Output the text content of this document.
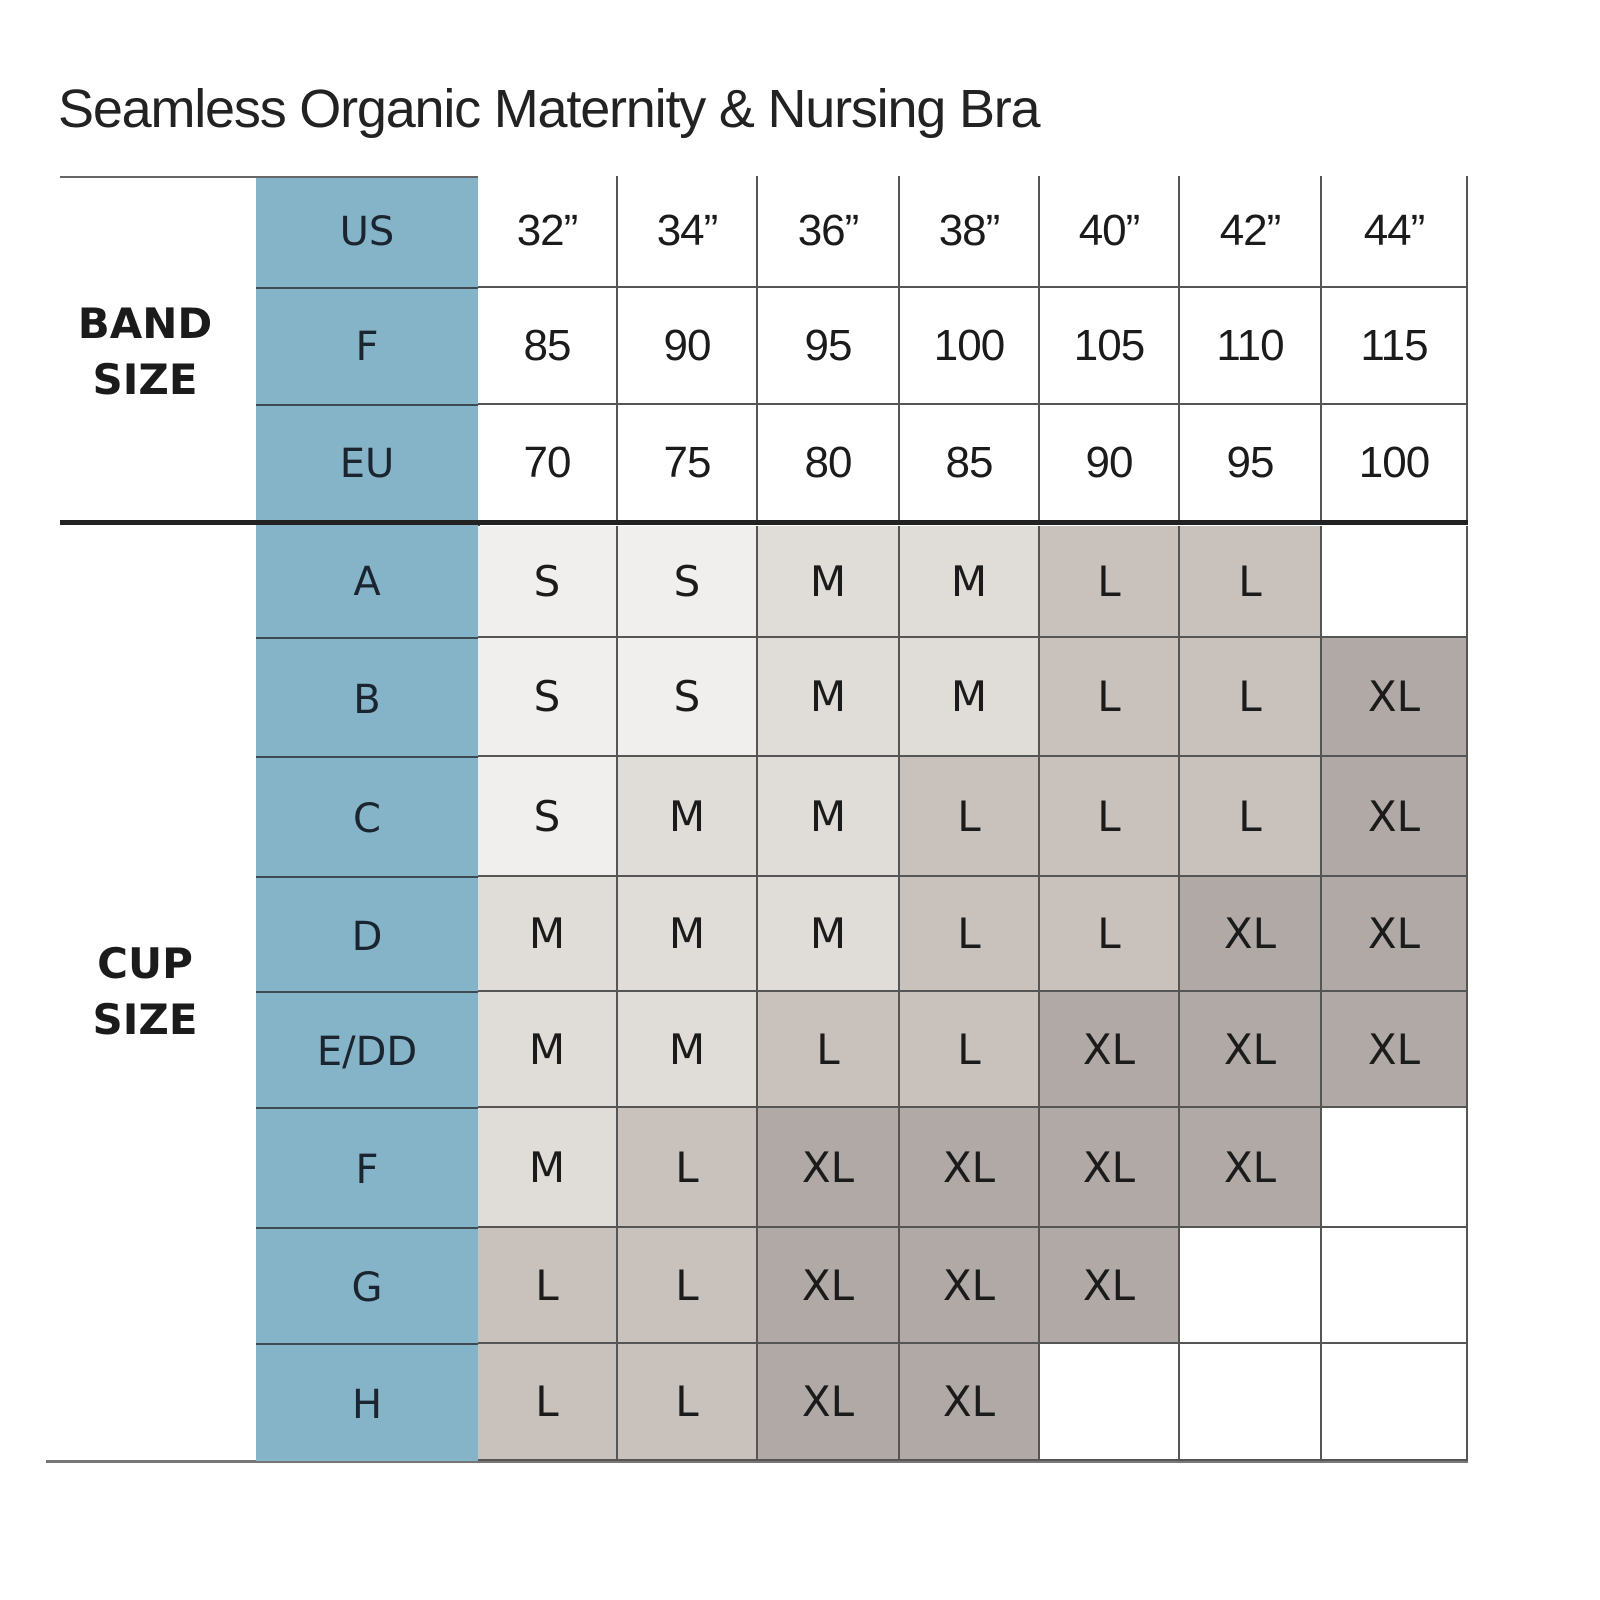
Seamless Organic Maternity & Nursing Bra
BAND
SIZE
CUP
SIZE
US	32”	34”	36”	38”	40”	42”	44”
F	85	90	95	100	105	110	115
EU	70	75	80	85	90	95	100
A	S	S	M	M	L	L
B	S	S	M	M	L	L	XL
C	S	M	M	L	L	L	XL
D	M	M	M	L	L	XL	XL
E/DD	M	M	L	L	XL	XL	XL
F	M	L	XL	XL	XL	XL
G	L	L	XL	XL	XL
H	L	L	XL	XL
